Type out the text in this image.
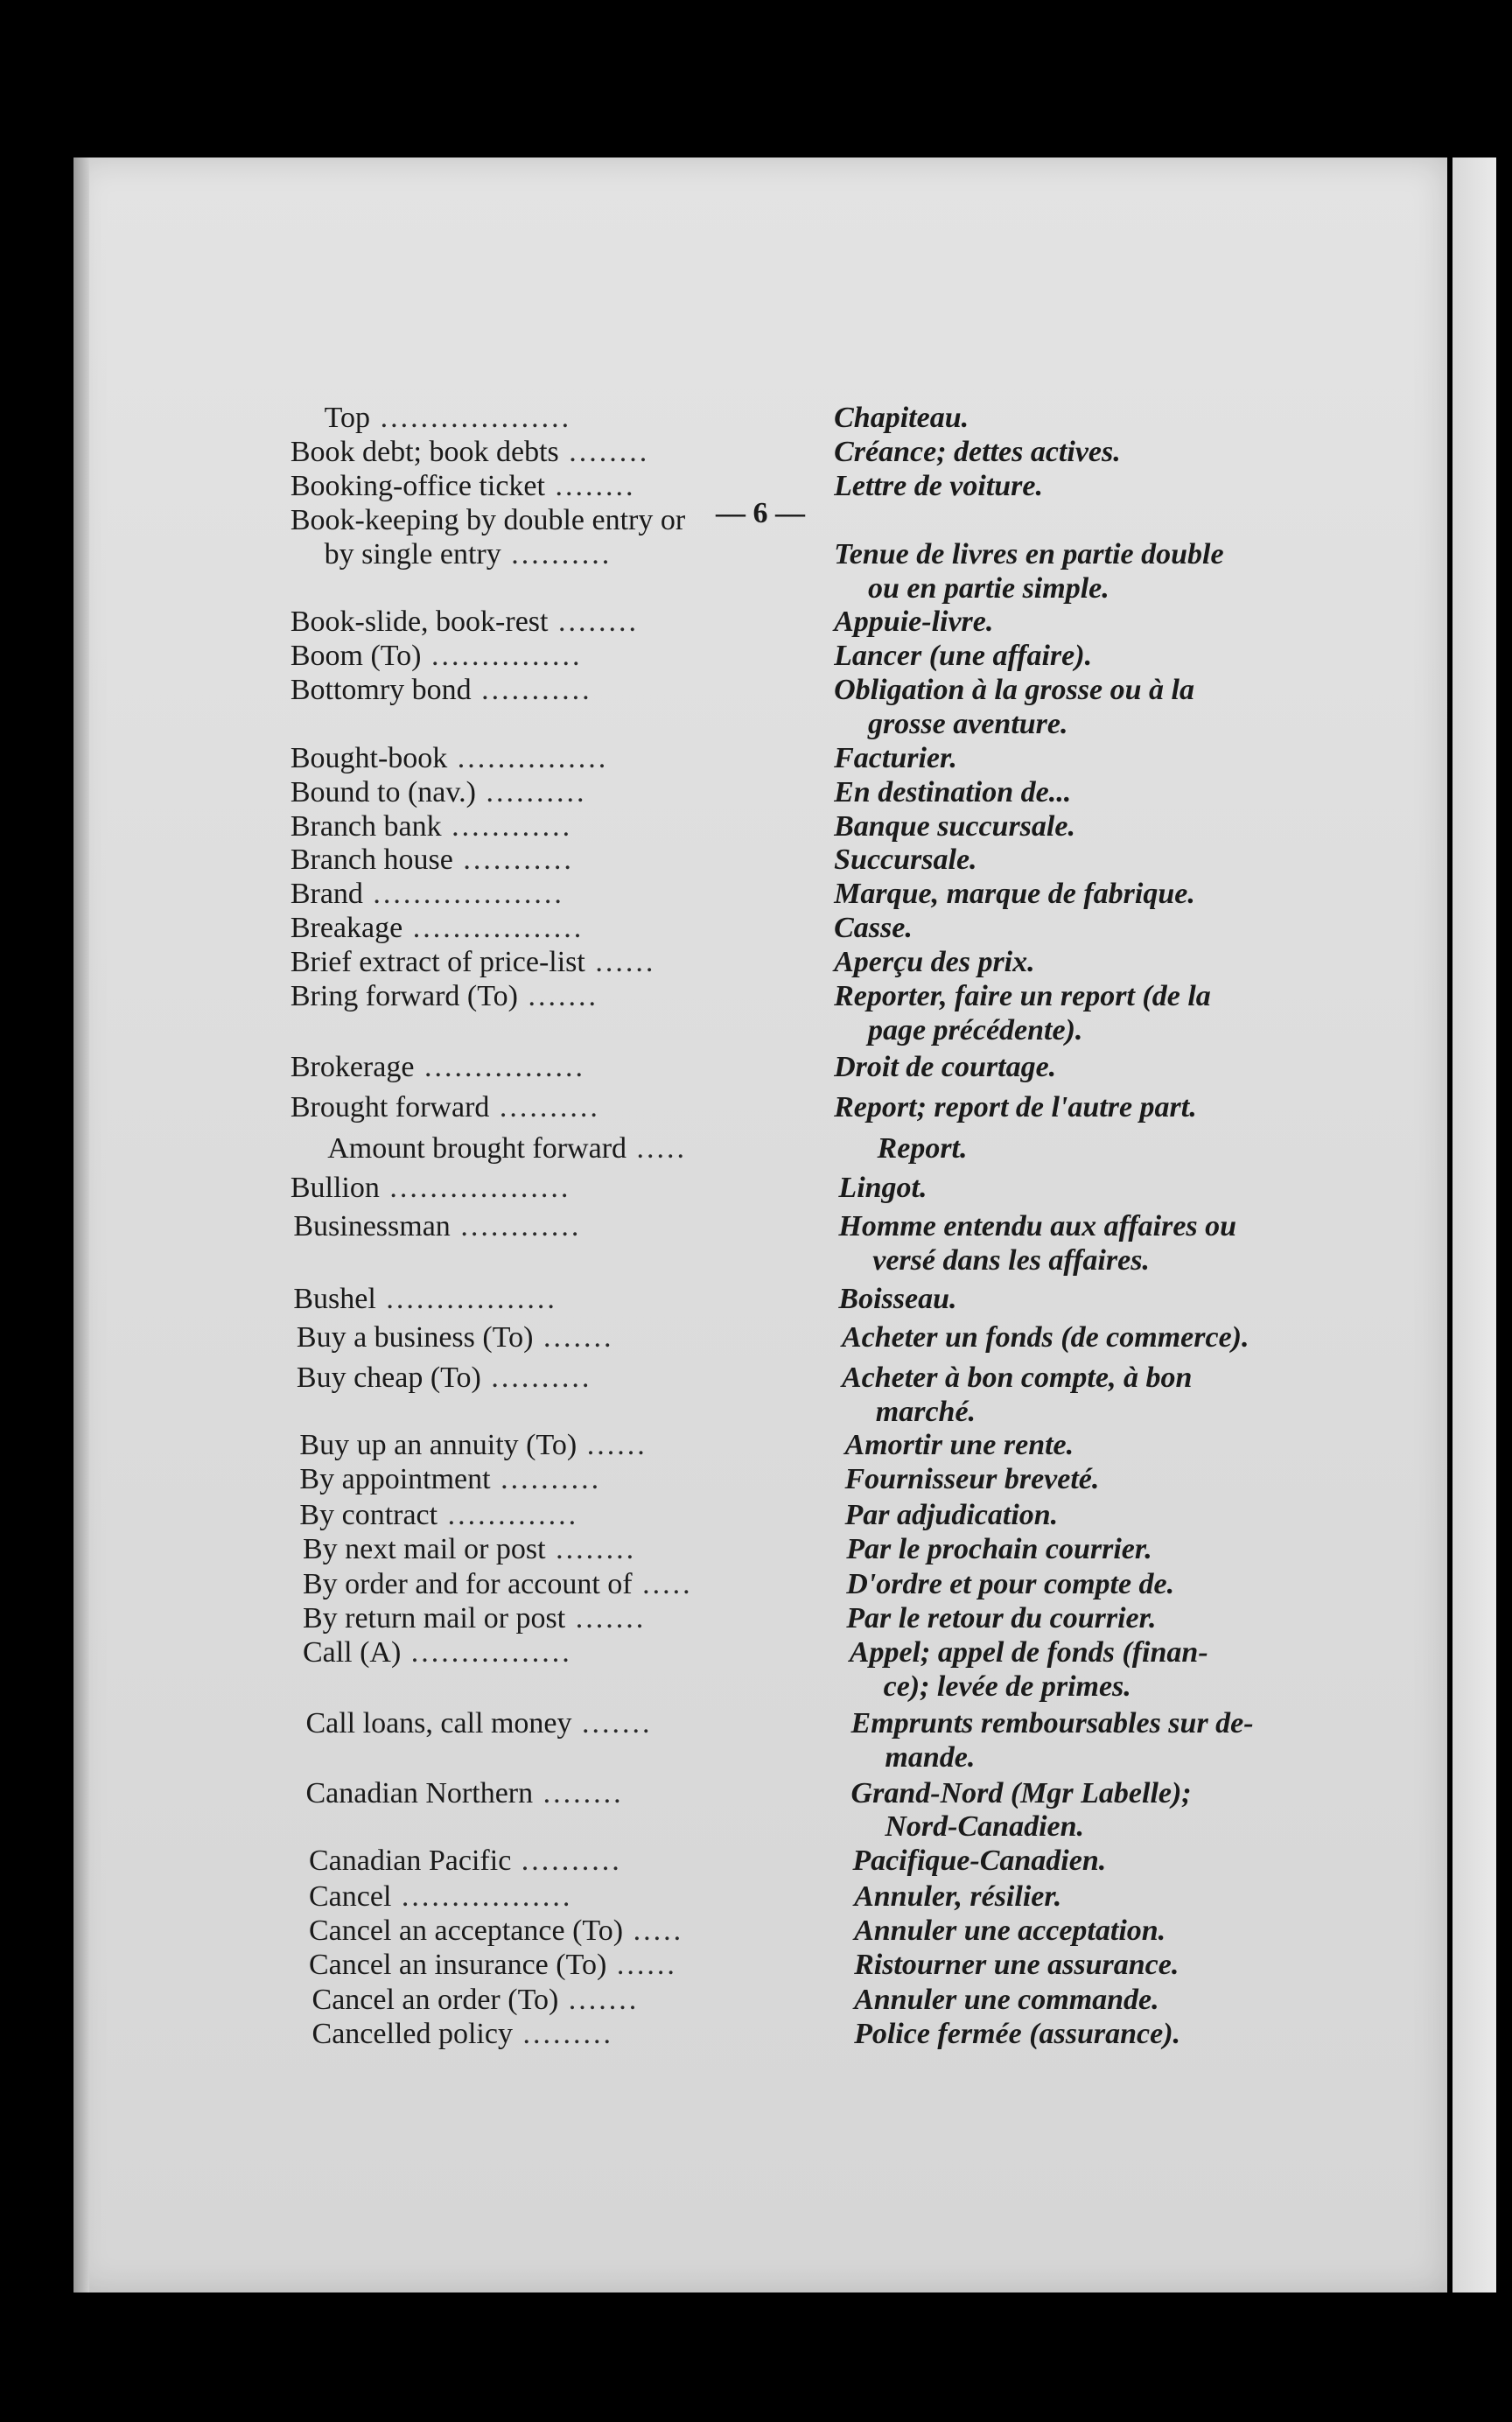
— 6 —
Top ...................	Chapiteau.
Book debt; book debts ........	Créance; dettes actives.
Booking-office ticket ........	Lettre de voiture.
Book-keeping by double entry or
by single entry ..........	Tenue de livres en partie double
ou en partie simple.
Book-slide, book-rest ........	Appuie-livre.
Boom (To) ...............	Lancer (une affaire).
Bottomry bond ...........	Obligation à la grosse ou à la
grosse aventure.
Bought-book ...............	Facturier.
Bound to (nav.) ..........	En destination de...
Branch bank ............	Banque succursale.
Branch house ...........	Succursale.
Brand ...................	Marque, marque de fabrique.
Breakage .................	Casse.
Brief extract of price-list ......	Aperçu des prix.
Bring forward (To) .......	Reporter, faire un report (de la
page précédente).
Brokerage ................	Droit de courtage.
Brought forward ..........	Report; report de l'autre part.
Amount brought forward .....	Report.
Bullion ..................	Lingot.
Businessman ............	Homme entendu aux affaires ou
versé dans les affaires.
Bushel .................	Boisseau.
Buy a business (To) .......	Acheter un fonds (de commerce).
Buy cheap (To) ..........	Acheter à bon compte, à bon
marché.
Buy up an annuity (To) ......	Amortir une rente.
By appointment ..........	Fournisseur breveté.
By contract .............	Par adjudication.
By next mail or post ........	Par le prochain courrier.
By order and for account of .....	D'ordre et pour compte de.
By return mail or post .......	Par le retour du courrier.
Call (A) ................	Appel; appel de fonds (finan-
ce); levée de primes.
Call loans, call money .......	Emprunts remboursables sur de-
mande.
Canadian Northern ........	Grand-Nord (Mgr Labelle);
Nord-Canadien.
Canadian Pacific ..........	Pacifique-Canadien.
Cancel .................	Annuler, résilier.
Cancel an acceptance (To) .....	Annuler une acceptation.
Cancel an insurance (To) ......	Ristourner une assurance.
Cancel an order (To) .......	Annuler une commande.
Cancelled policy .........	Police fermée (assurance).
